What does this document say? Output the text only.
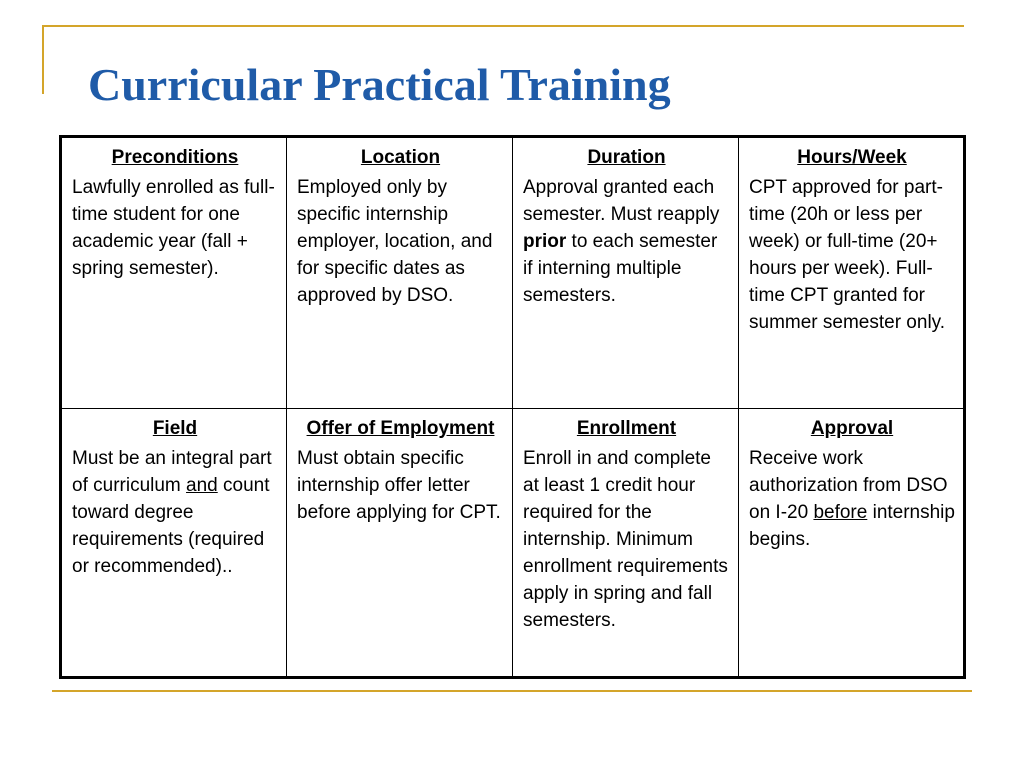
Curricular Practical Training
Preconditions
Lawfully enrolled as full-time student for one academic year (fall + spring semester).	Location
Employed only by specific internship employer, location, and for specific dates as approved by DSO.	Duration
Approval granted each semester. Must reapply prior to each semester if interning multiple semesters.	Hours/Week
CPT approved for part-time (20h or less per week) or full-time (20+ hours per week). Full-time CPT granted for summer semester only.

Field
Must be an integral part of curriculum and count toward degree requirements (required or recommended)..	Offer of Employment
Must obtain specific internship offer letter before applying for CPT.	Enrollment
Enroll in and complete at least 1 credit hour required for the internship. Minimum enrollment requirements apply in spring and fall semesters.	Approval
Receive work authorization from DSO on I-20 before internship begins.
